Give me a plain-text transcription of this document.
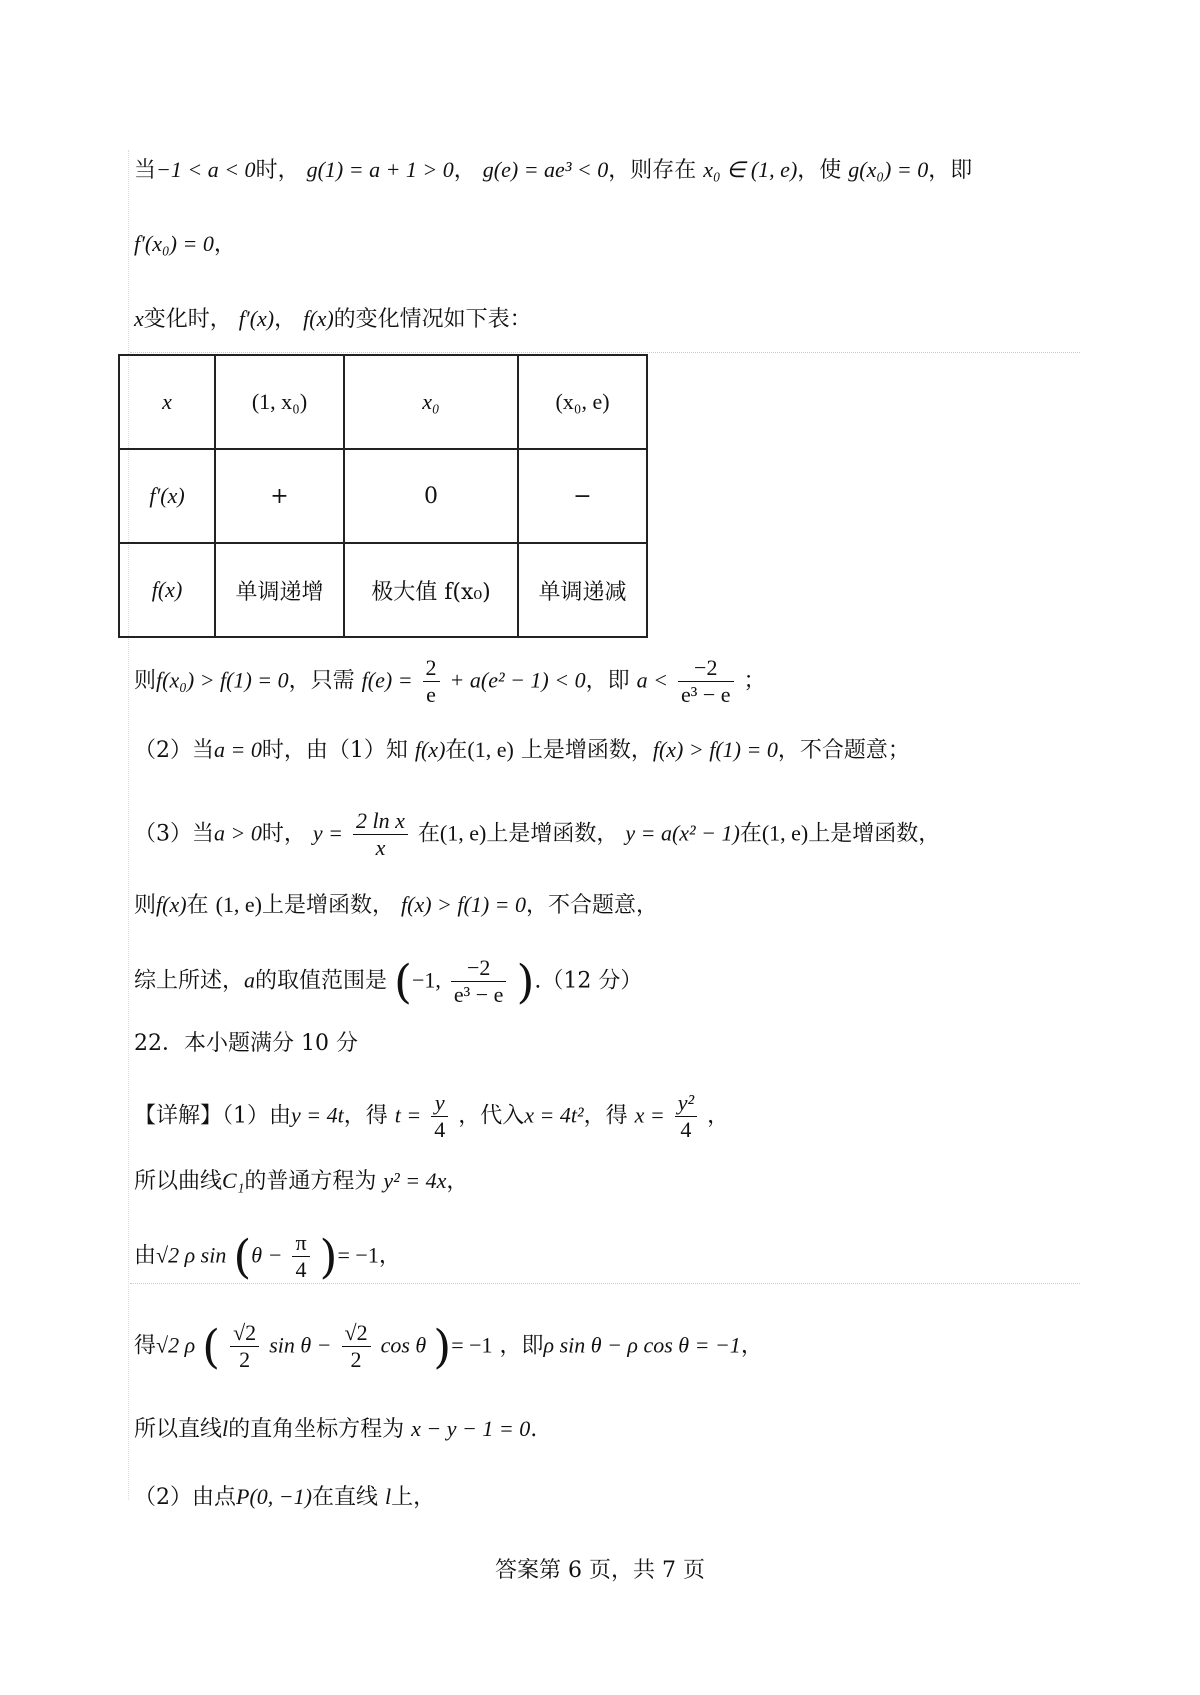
当−1 < a < 0时， g(1) = a + 1 > 0， g(e) = ae³ < 0，则存在 x₀ ∈ (1, e)，使 g(x₀) = 0，即
f′(x₀) = 0，
x变化时， f′(x)， f(x)的变化情况如下表：
x	(1, x₀)	x₀	(x₀, e)
f′(x)	+	0	−
f(x)	单调递增	极大值 f(x₀)	单调递减
则f(x₀) > f(1) = 0，只需 $f(e) = \frac{2}{e} + a(e^2 - 1) < 0$，即 $a < \frac{-2}{\text{e³ − e}}$ ；
（2）当a = 0时，由（1）知 f(x)在(1, e) 上是增函数，f(x) > f(1) = 0，不合题意；
（3）当a > 0时， $y = \frac{\text{2 ln x}}{x}$ 在(1, e)上是增函数， y = a(x² − 1)在(1, e)上是增函数，
则f(x)在 (1, e)上是增函数， f(x) > f(1) = 0，不合题意，
综上所述，a的取值范围是 (−1, $\frac{-2}{\text{e³ − e}} ).(12$ 分）
22．本小题满分 10 分
【详解】（1）由y = 4t，得 $t = \frac{y}{4}$ ，代入x = 4t²，得 $x = \frac{\text{y²}}{4}$ ，
所以曲线C₁的普通方程为 y² = 4x，
由√2 ρ $\sin (\theta - \frac{\pi}{4}$ )= −1，
得√2 ρ ( $\frac{√2}{2}$ $\sin \theta - \frac{√2}{2}$ cos θ )= −1 ，即ρ sin θ − ρ cos θ = −1，
所以直线l的直角坐标方程为 x − y − 1 = 0.
（2）由点P(0, −1)在直线 l上，
答案第 6 页，共 7 页
